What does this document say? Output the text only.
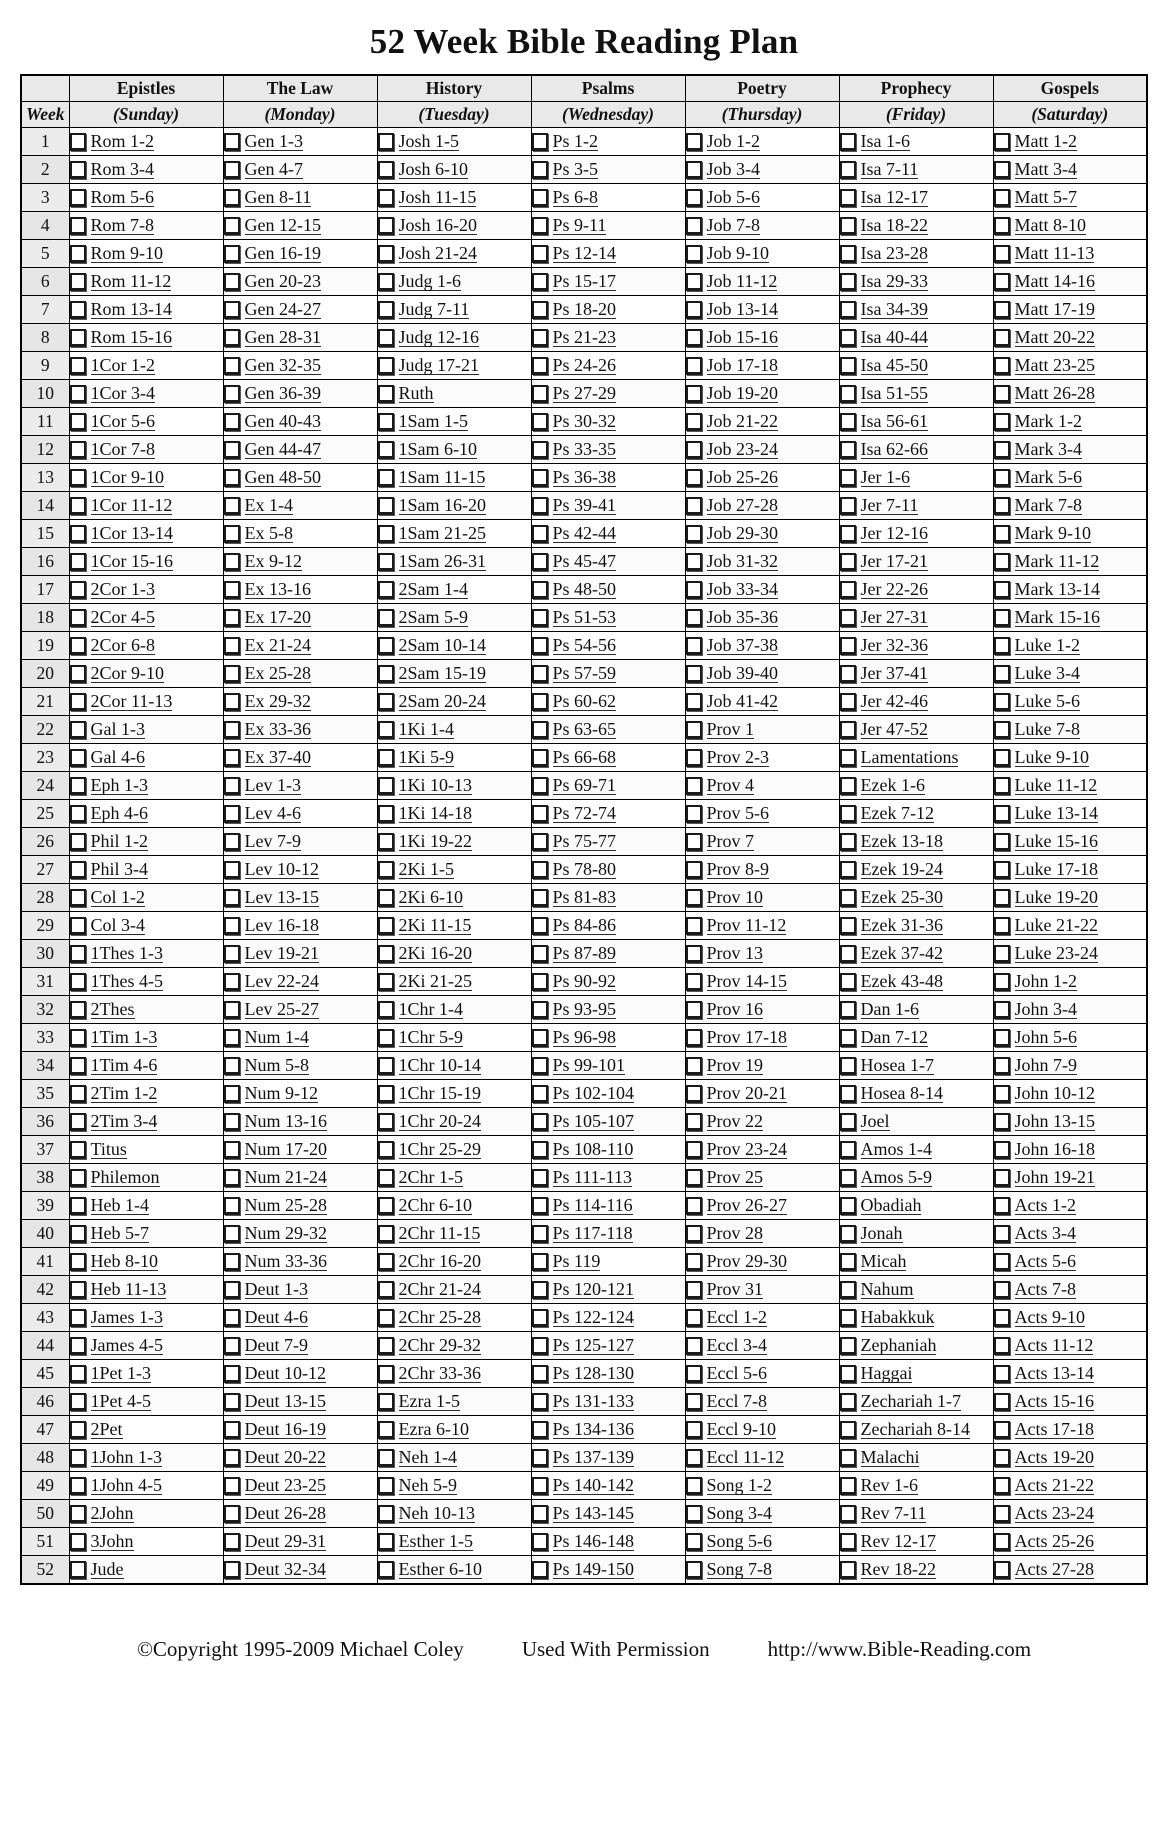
52 Week Bible Reading Plan
	Epistles	The Law	History	Psalms	Poetry	Prophecy	Gospels
Week	(Sunday)	(Monday)	(Tuesday)	(Wednesday)	(Thursday)	(Friday)	(Saturday)
1	Rom 1-2	Gen 1-3	Josh 1-5	Ps 1-2	Job 1-2	Isa 1-6	Matt 1-2

2	Rom 3-4	Gen 4-7	Josh 6-10	Ps 3-5	Job 3-4	Isa 7-11	Matt 3-4

3	Rom 5-6	Gen 8-11	Josh 11-15	Ps 6-8	Job 5-6	Isa 12-17	Matt 5-7

4	Rom 7-8	Gen 12-15	Josh 16-20	Ps 9-11	Job 7-8	Isa 18-22	Matt 8-10

5	Rom 9-10	Gen 16-19	Josh 21-24	Ps 12-14	Job 9-10	Isa 23-28	Matt 11-13

6	Rom 11-12	Gen 20-23	Judg 1-6	Ps 15-17	Job 11-12	Isa 29-33	Matt 14-16

7	Rom 13-14	Gen 24-27	Judg 7-11	Ps 18-20	Job 13-14	Isa 34-39	Matt 17-19

8	Rom 15-16	Gen 28-31	Judg 12-16	Ps 21-23	Job 15-16	Isa 40-44	Matt 20-22

9	1Cor 1-2	Gen 32-35	Judg 17-21	Ps 24-26	Job 17-18	Isa 45-50	Matt 23-25

10	1Cor 3-4	Gen 36-39	Ruth	Ps 27-29	Job 19-20	Isa 51-55	Matt 26-28

11	1Cor 5-6	Gen 40-43	1Sam 1-5	Ps 30-32	Job 21-22	Isa 56-61	Mark 1-2

12	1Cor 7-8	Gen 44-47	1Sam 6-10	Ps 33-35	Job 23-24	Isa 62-66	Mark 3-4

13	1Cor 9-10	Gen 48-50	1Sam 11-15	Ps 36-38	Job 25-26	Jer 1-6	Mark 5-6

14	1Cor 11-12	Ex 1-4	1Sam 16-20	Ps 39-41	Job 27-28	Jer 7-11	Mark 7-8

15	1Cor 13-14	Ex 5-8	1Sam 21-25	Ps 42-44	Job 29-30	Jer 12-16	Mark 9-10

16	1Cor 15-16	Ex 9-12	1Sam 26-31	Ps 45-47	Job 31-32	Jer 17-21	Mark 11-12

17	2Cor 1-3	Ex 13-16	2Sam 1-4	Ps 48-50	Job 33-34	Jer 22-26	Mark 13-14

18	2Cor 4-5	Ex 17-20	2Sam 5-9	Ps 51-53	Job 35-36	Jer 27-31	Mark 15-16

19	2Cor 6-8	Ex 21-24	2Sam 10-14	Ps 54-56	Job 37-38	Jer 32-36	Luke 1-2

20	2Cor 9-10	Ex 25-28	2Sam 15-19	Ps 57-59	Job 39-40	Jer 37-41	Luke 3-4

21	2Cor 11-13	Ex 29-32	2Sam 20-24	Ps 60-62	Job 41-42	Jer 42-46	Luke 5-6

22	Gal 1-3	Ex 33-36	1Ki 1-4	Ps 63-65	Prov 1	Jer 47-52	Luke 7-8

23	Gal 4-6	Ex 37-40	1Ki 5-9	Ps 66-68	Prov 2-3	Lamentations	Luke 9-10

24	Eph 1-3	Lev 1-3	1Ki 10-13	Ps 69-71	Prov 4	Ezek 1-6	Luke 11-12

25	Eph 4-6	Lev 4-6	1Ki 14-18	Ps 72-74	Prov 5-6	Ezek 7-12	Luke 13-14

26	Phil 1-2	Lev 7-9	1Ki 19-22	Ps 75-77	Prov 7	Ezek 13-18	Luke 15-16

27	Phil 3-4	Lev 10-12	2Ki 1-5	Ps 78-80	Prov 8-9	Ezek 19-24	Luke 17-18

28	Col 1-2	Lev 13-15	2Ki 6-10	Ps 81-83	Prov 10	Ezek 25-30	Luke 19-20

29	Col 3-4	Lev 16-18	2Ki 11-15	Ps 84-86	Prov 11-12	Ezek 31-36	Luke 21-22

30	1Thes 1-3	Lev 19-21	2Ki 16-20	Ps 87-89	Prov 13	Ezek 37-42	Luke 23-24

31	1Thes 4-5	Lev 22-24	2Ki 21-25	Ps 90-92	Prov 14-15	Ezek 43-48	John 1-2

32	2Thes	Lev 25-27	1Chr 1-4	Ps 93-95	Prov 16	Dan 1-6	John 3-4

33	1Tim 1-3	Num 1-4	1Chr 5-9	Ps 96-98	Prov 17-18	Dan 7-12	John 5-6

34	1Tim 4-6	Num 5-8	1Chr 10-14	Ps 99-101	Prov 19	Hosea 1-7	John 7-9

35	2Tim 1-2	Num 9-12	1Chr 15-19	Ps 102-104	Prov 20-21	Hosea 8-14	John 10-12

36	2Tim 3-4	Num 13-16	1Chr 20-24	Ps 105-107	Prov 22	Joel	John 13-15

37	Titus	Num 17-20	1Chr 25-29	Ps 108-110	Prov 23-24	Amos 1-4	John 16-18

38	Philemon	Num 21-24	2Chr 1-5	Ps 111-113	Prov 25	Amos 5-9	John 19-21

39	Heb 1-4	Num 25-28	2Chr 6-10	Ps 114-116	Prov 26-27	Obadiah	Acts 1-2

40	Heb 5-7	Num 29-32	2Chr 11-15	Ps 117-118	Prov 28	Jonah	Acts 3-4

41	Heb 8-10	Num 33-36	2Chr 16-20	Ps 119	Prov 29-30	Micah	Acts 5-6

42	Heb 11-13	Deut 1-3	2Chr 21-24	Ps 120-121	Prov 31	Nahum	Acts 7-8

43	James 1-3	Deut 4-6	2Chr 25-28	Ps 122-124	Eccl 1-2	Habakkuk	Acts 9-10

44	James 4-5	Deut 7-9	2Chr 29-32	Ps 125-127	Eccl 3-4	Zephaniah	Acts 11-12

45	1Pet 1-3	Deut 10-12	2Chr 33-36	Ps 128-130	Eccl 5-6	Haggai	Acts 13-14

46	1Pet 4-5	Deut 13-15	Ezra 1-5	Ps 131-133	Eccl 7-8	Zechariah 1-7	Acts 15-16

47	2Pet	Deut 16-19	Ezra 6-10	Ps 134-136	Eccl 9-10	Zechariah 8-14	Acts 17-18

48	1John 1-3	Deut 20-22	Neh 1-4	Ps 137-139	Eccl 11-12	Malachi	Acts 19-20

49	1John 4-5	Deut 23-25	Neh 5-9	Ps 140-142	Song 1-2	Rev 1-6	Acts 21-22

50	2John	Deut 26-28	Neh 10-13	Ps 143-145	Song 3-4	Rev 7-11	Acts 23-24

51	3John	Deut 29-31	Esther 1-5	Ps 146-148	Song 5-6	Rev 12-17	Acts 25-26

52	Jude	Deut 32-34	Esther 6-10	Ps 149-150	Song 7-8	Rev 18-22	Acts 27-28
©Copyright 1995-2009 Michael Coley	Used With Permission	http://www.Bible-Reading.com
